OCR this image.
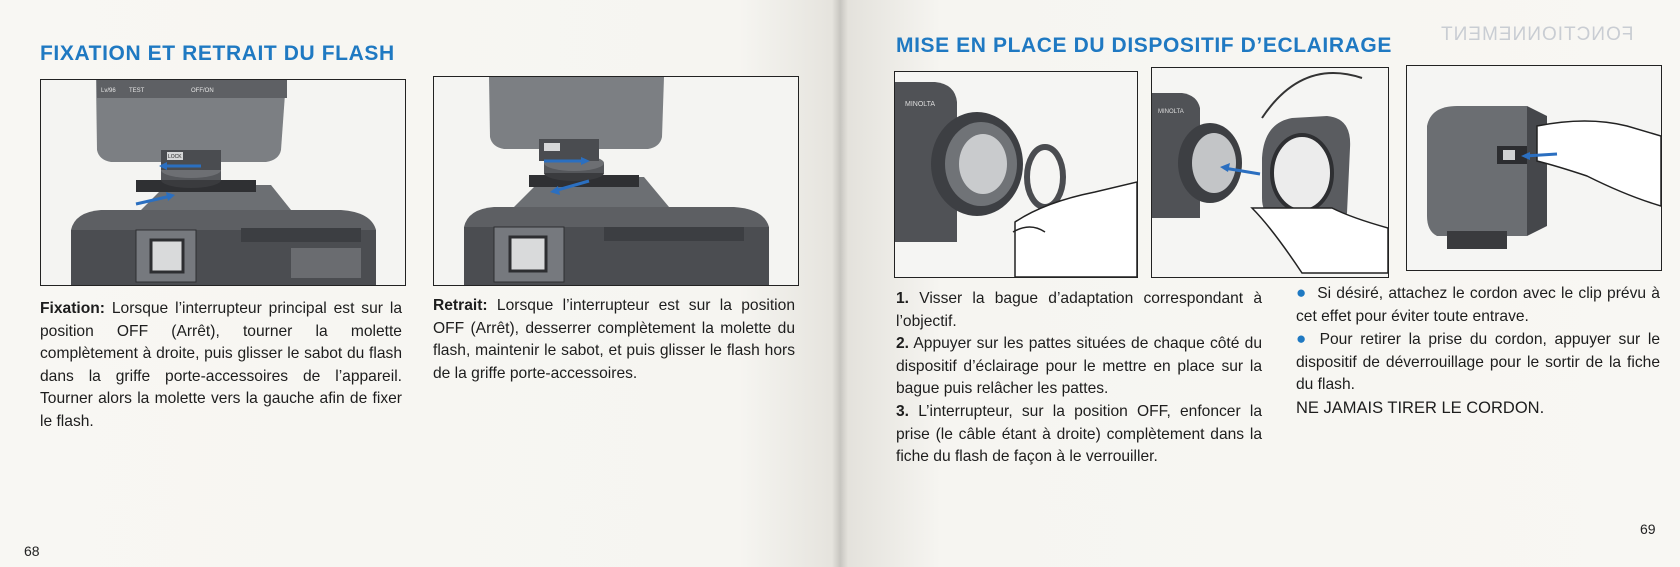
FIXATION ET RETRAIT DU FLASH
Lv/96 TEST	OFF/ON
LOCK

Fixation: Lorsque l’interrupteur principal est sur la position OFF (Arrêt), tourner la molette complètement à droite, puis glisser le sabot du flash dans la griffe porte-accessoires de l’appareil. Tourner alors la molette vers la gauche afin de fixer le flash.

Retrait: Lorsque l’interrupteur est sur la position OFF (Arrêt), desserrer complètement la molette du flash, maintenir le sabot, et puis glisser le flash hors de la griffe porte-accessoires.

68
FONCTIONNEMENT
MISE EN PLACE DU DISPOSITIF D’ECLAIRAGE
MINOLTA
MINOLTA

1. Visser la bague d’adaptation correspondant à l’objectif.

2. Appuyer sur les pattes situées de chaque côté du dispositif d’éclairage pour le mettre en place sur la bague puis relâcher les pattes.

3. L’interrupteur, sur la position OFF, enfoncer la prise (le câble étant à droite) complètement dans la fiche du flash de façon à le verrouiller.

● Si désiré, attachez le cordon avec le clip prévu à cet effet pour éviter toute entrave.

● Pour retirer la prise du cordon, appuyer sur le dispositif de déverrouillage pour le sortir de la fiche du flash.

NE JAMAIS TIRER LE CORDON.

69
